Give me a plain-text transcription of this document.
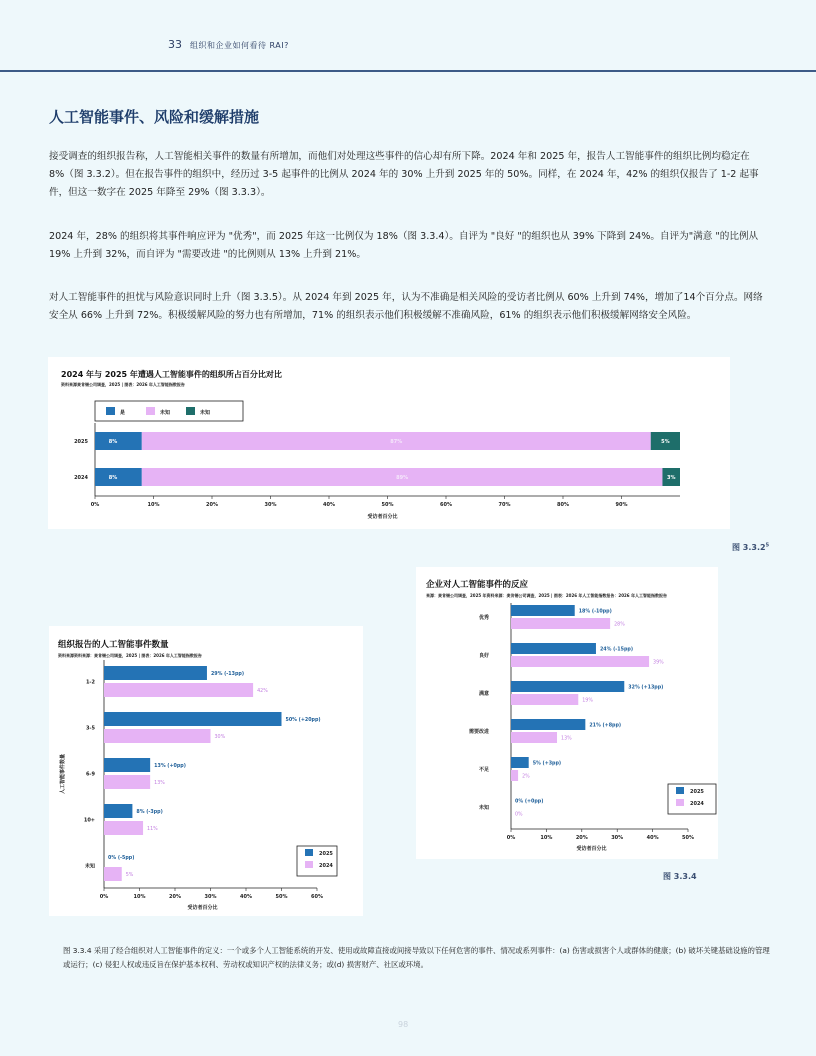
33 组织和企业如何看待 RAI?
人工智能事件、风险和缓解措施

接受调查的组织报告称，人工智能相关事件的数量有所增加，而他们对处理这些事件的信心却有所下降。2024 年和 2025 年，报告人工智能事件的组织比例均稳定在 8%（图 3.3.2）。但在报告事件的组织中，经历过 3-5 起事件的比例从 2024 年的 30% 上升到 2025 年的 50%。同样，在 2024 年，42% 的组织仅报告了 1-2 起事件，但这一数字在 2025 年降至 29%（图 3.3.3）。

2024 年，28% 的组织将其事件响应评为 "优秀"，而 2025 年这一比例仅为 18%（图 3.3.4）。自评为 "良好 "的组织也从 39% 下降到 24%。自评为"满意 "的比例从 19% 上升到 32%，而自评为 "需要改进 "的比例则从 13% 上升到 21%。

对人工智能事件的担忧与风险意识同时上升（图 3.3.5）。从 2024 年到 2025 年，认为不准确是相关风险的受访者比例从 60% 上升到 74%，增加了14个百分点。网络安全从 66% 上升到 72%。积极缓解风险的努力也有所增加，71% 的组织表示他们积极缓解不准确风险，61% 的组织表示他们积极缓解网络安全风险。

2024 年与 2025 年遭遇人工智能事件的组织所占百分比对比
资料来源麦肯锡公司调查，2025 | 图表：2026 年人工智能指数报告
是	未知	未知
0%	10%	20%	30%	40%	50%	60%	70%	80%	90%
受访者百分比
2025	8%	87%	5%
2024	8%	89%	3%
图 3.3.2$^5$
企业对人工智能事件的反应
来源：麦肯锡公司调查，2025 年资料来源：麦肯锡公司调查，2025 | 图表：2026 年人工智能指数报告：2026 年人工智能指数报告
0%	10%	20%	30%	40%	50%
受访者百分比
优秀
18% (-10pp)
28%
良好
24% (-15pp)
39%
满意
32% (+13pp)
19%
需要改进
21% (+8pp)
13%
不足
5% (+3pp)
2%
未知
0% (+0pp)
0%
2025
2024
图 3.3.4
组织报告的人工智能事件数量
资料来源资料来源：麦肯锡公司调查，2025 | 图表：2026 年人工智能指数报告
0%	10%	20%	30%	40%	50%	60%
受访者百分比
人工智能事件数量
1-2
29% (-13pp)
42%
3-5
50% (+20pp)
30%
6-9
13% (+0pp)
13%
10+
8% (-3pp)
11%
未知
0% (-5pp)
5%
2025
2024

图 3.3.4 采用了经合组织对人工智能事件的定义：一个或多个人工智能系统的开发、使用或故障直接或间接导致以下任何危害的事件、情况或系列事件：(a) 伤害或损害个人或群体的健康；(b) 破坏关键基础设施的管理或运行；(c) 侵犯人权或违反旨在保护基本权利、劳动权或知识产权的法律义务；或(d) 损害财产、社区或环境。

98
